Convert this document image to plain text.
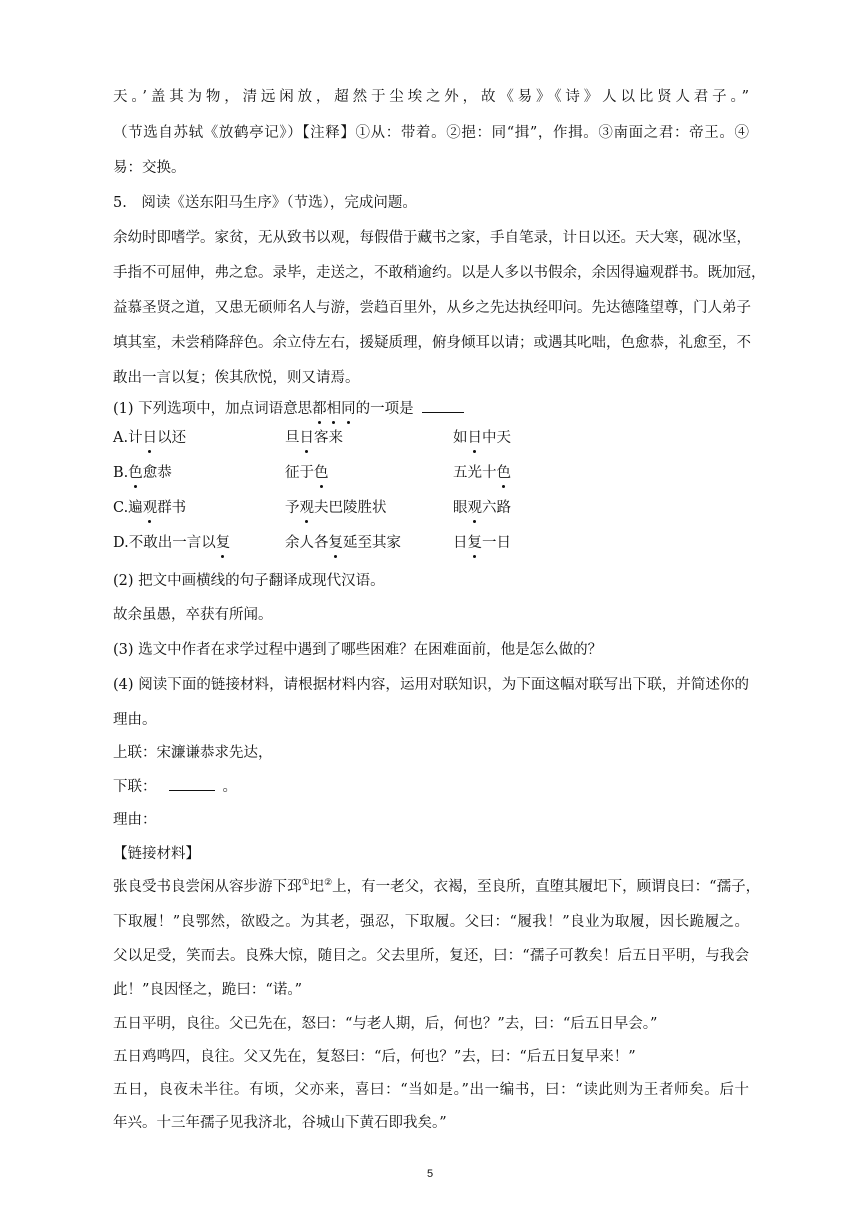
天。’盖其为物，清远闲放，超然于尘埃之外，故《易》《诗》人以比贤人君子。”
（节选自苏轼《放鹤亭记》）【注释】①从：带着。②挹：同“揖”，作揖。③南面之君：帝王。④
易：交换。
5.　阅读《送东阳马生序》（节选），完成问题。
余幼时即嗜学。家贫，无从致书以观，每假借于藏书之家，手自笔录，计日以还。天大寒，砚冰坚，
手指不可屈伸，弗之怠。录毕，走送之，不敢稍逾约。以是人多以书假余，余因得遍观群书。既加冠，
益慕圣贤之道，又患无硕师名人与游，尝趋百里外，从乡之先达执经叩问。先达德隆望尊，门人弟子
填其室，未尝稍降辞色。余立侍左右，援疑质理，俯身倾耳以请；或遇其叱咄，色愈恭，礼愈至，不
敢出一言以复；俟其欣悦，则又请焉。
(1) 下列选项中，加点词语意思都相同的一项是
A.计日以还	旦日客来	如日中天
B.色愈恭	征于色	五光十色
C.遍观群书	予观夫巴陵胜状	眼观六路
D.不敢出一言以复	余人各复延至其家	日复一日
(2) 把文中画横线的句子翻译成现代汉语。
故余虽愚，卒获有所闻。
(3) 选文中作者在求学过程中遇到了哪些困难？在困难面前，他是怎么做的？
(4) 阅读下面的链接材料，请根据材料内容，运用对联知识，为下面这幅对联写出下联，并简述你的
理由。
上联：宋濂谦恭求先达，
下联：	。
理由：
【链接材料】
张良受书良尝闲从容步游下邳①圯②上，有一老父，衣褐，至良所，直堕其履圯下，顾谓良曰：“孺子，
下取履！”良鄂然，欲殴之。为其老，强忍，下取履。父曰：“履我！”良业为取履，因长跪履之。
父以足受，笑而去。良殊大惊，随目之。父去里所，复还，曰：“孺子可教矣！后五日平明，与我会
此！”良因怪之，跪曰：“诺。”
五日平明，良往。父已先在，怒曰：“与老人期，后，何也？”去，曰：“后五日早会。”
五日鸡鸣四，良往。父又先在，复怒曰：“后，何也？”去，曰：“后五日复早来！”
五日，良夜未半往。有顷，父亦来，喜曰：“当如是。”出一编书，曰：“读此则为王者师矣。后十
年兴。十三年孺子见我济北，谷城山下黄石即我矣。”
5
